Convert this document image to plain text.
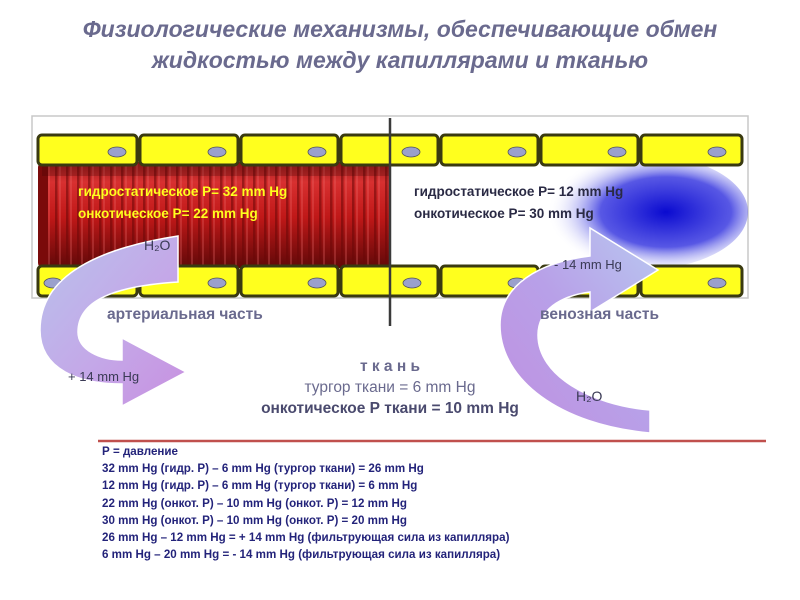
Физиологические механизмы, обеспечивающие обмен
жидкостью между капиллярами и тканью
гидростатическое P= 32 mm Hg
онкотическое P= 22 mm Hg
гидростатическое P= 12 mm Hg
онкотическое P= 30 mm Hg
артериальная часть	венозная часть
H₂O
+ 14 mm Hg
- 14 mm Hg
H₂O
т к а н ь
тургор ткани = 6 mm Hg
онкотическое Р ткани = 10 mm Hg
Р = давление
32 mm Hg (гидр. Р) – 6 mm Hg (тургор ткани) = 26 mm Hg
12 mm Hg (гидр. Р) – 6 mm Hg (тургор ткани) = 6 mm Hg
22 mm Hg (онкот. Р) – 10 mm Hg (онкот. Р) = 12 mm Hg
30 mm Hg (онкот. Р) – 10 mm Hg (онкот. Р) = 20 mm Hg
26 mm Hg – 12 mm Hg = + 14 mm Hg (фильтрующая сила из капилляра)
6 mm Hg – 20 mm Hg = - 14 mm Hg (фильтрующая сила из капилляра)
